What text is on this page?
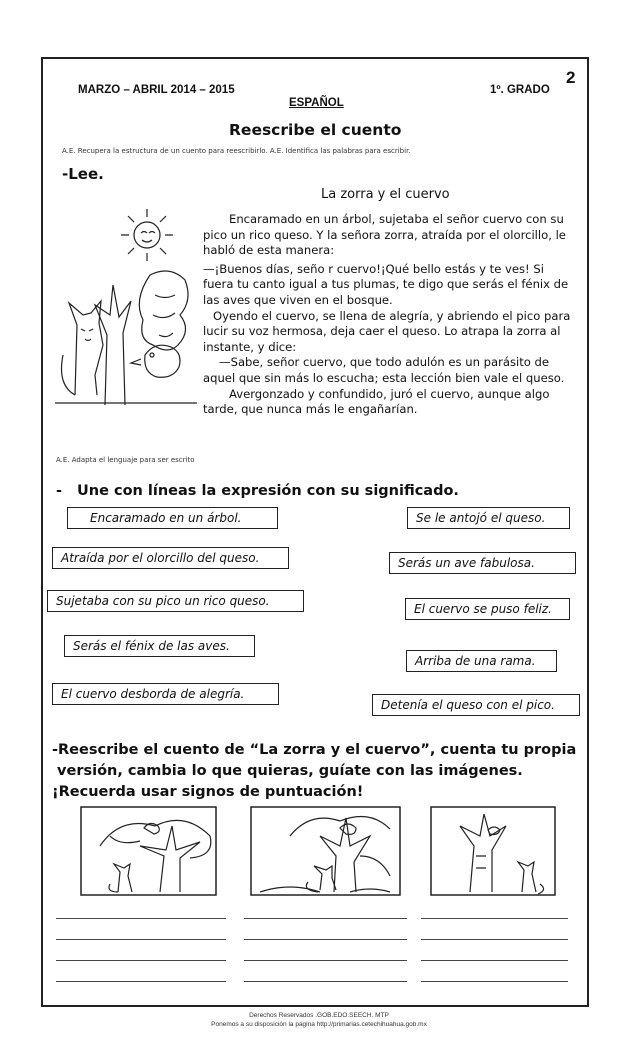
2
MARZO – ABRIL 2014 – 2015	1º. GRADO
ESPAÑOL
Reescribe el cuento
A.E. Recupera la estructura de un cuento para reescribirlo. A.E. Identifica las palabras para escribir.
-Lee.
La zorra y el cuervo

Encaramado en un árbol, sujetaba el señor cuervo con su pico un rico queso. Y la señora zorra, atraída por el olorcillo, le habló de esta manera:

—¡Buenos días, seño r cuervo!¡Qué bello estás y te ves! Si fuera tu canto igual a tus plumas, te digo que serás el fénix de las aves que viven en el bosque.

Oyendo el cuervo, se llena de alegría, y abriendo el pico para lucir su voz hermosa, deja caer el queso. Lo atrapa la zorra al instante, y dice:

—Sabe, señor cuervo, que todo adulón es un parásito de aquel que sin más lo escucha; esta lección bien vale el queso.

Avergonzado y confundido, juró el cuervo, aunque algo tarde, que nunca más le engañarían.

A.E. Adapta el lenguaje para ser escrito
- Une con líneas la expresión con su significado.
Encaramado en un árbol.
Atraída por el olorcillo del queso.
Sujetaba con su pico un rico queso.
Serás el fénix de las aves.
El cuervo desborda de alegría.
Se le antojó el queso.
Serás un ave fabulosa.
El cuervo se puso feliz.
Arriba de una rama.
Detenía el queso con el pico.
-Reescribe el cuento de “La zorra y el cuervo”, cuenta tu propia
versión, cambia lo que quieras, guíate con las imágenes.
¡Recuerda usar signos de puntuación!
Derechos Reservados .GOB.EDO.SEECH. MTP
Ponemos a su disposición la página http://primarias.cetechihuahua.gob.mx
